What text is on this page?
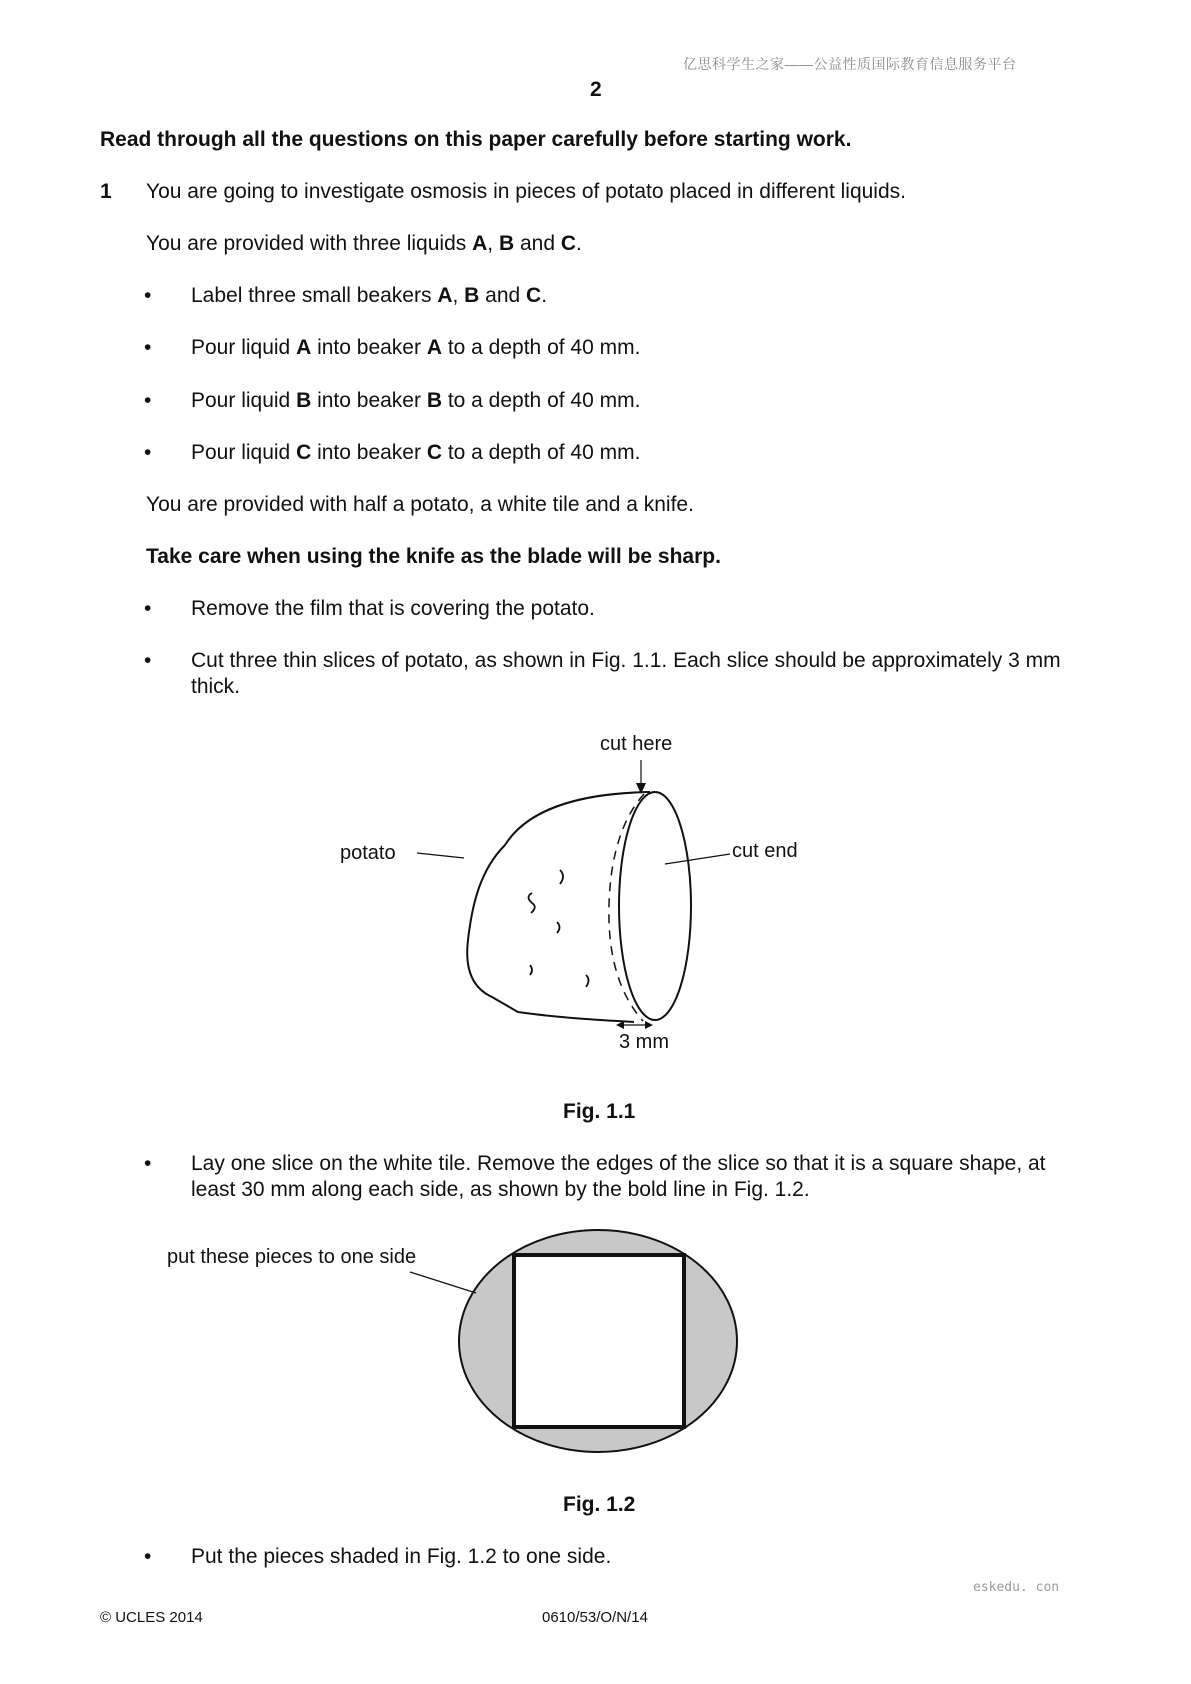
亿思科学生之家——公益性质国际教育信息服务平台
2
Read through all the questions on this paper carefully before starting work.
1 You are going to investigate osmosis in pieces of potato placed in different liquids.
You are provided with three liquids A, B and C.
• Label three small beakers A, B and C.
• Pour liquid A into beaker A to a depth of 40 mm.
• Pour liquid B into beaker B to a depth of 40 mm.
• Pour liquid C into beaker C to a depth of 40 mm.
You are provided with half a potato, a white tile and a knife.
Take care when using the knife as the blade will be sharp.
• Remove the film that is covering the potato.
• Cut three thin slices of potato, as shown in Fig. 1.1. Each slice should be approximately 3 mm
thick.
cut here
cut end
potato
3 mm
Fig. 1.1
• Lay one slice on the white tile. Remove the edges of the slice so that it is a square shape, at
least 30 mm along each side, as shown by the bold line in Fig. 1.2.
put these pieces to one side
Fig. 1.2
• Put the pieces shaded in Fig. 1.2 to one side.
eskedu. con
© UCLES 2014	0610/53/O/N/14
